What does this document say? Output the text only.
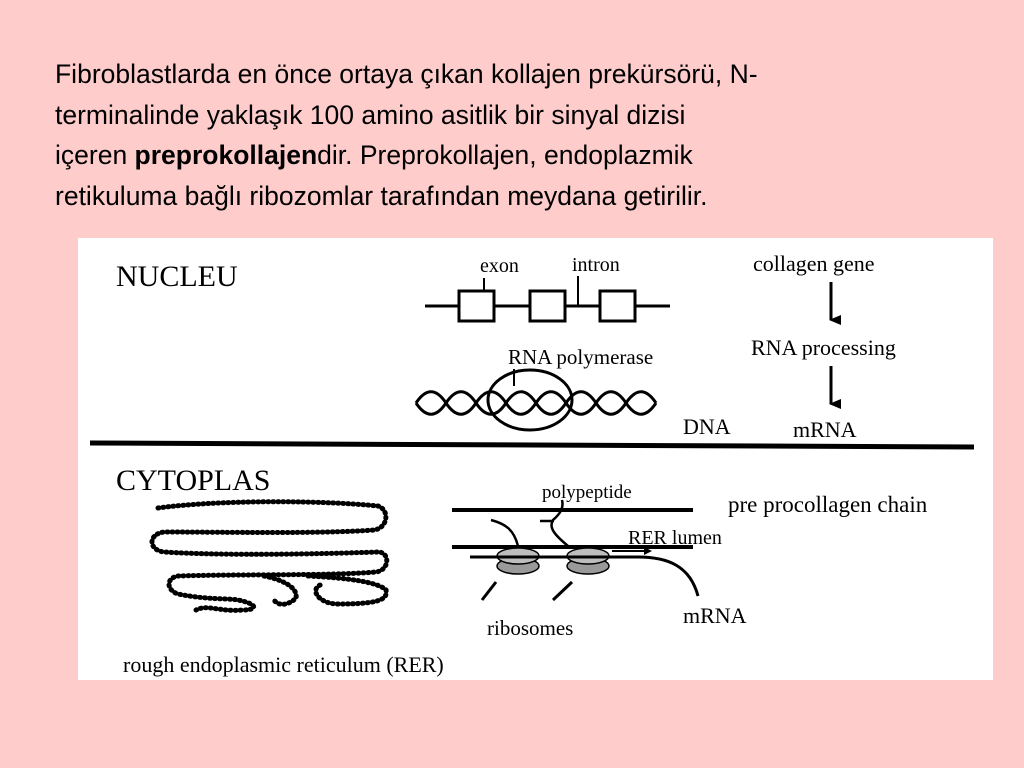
Fibroblastlarda en önce ortaya çıkan kollajen prekürsörü, N-
terminalinde yaklaşık 100 amino asitlik bir sinyal dizisi
içeren preprokollajendir. Preprokollajen, endoplazmik
retikuluma bağlı ribozomlar tarafından meydana getirilir.
NUCLEU	exon	intron	collagen gene
RNA processing
mRNA
RNA polymerase
DNA
CYTOPLAS	polypeptide	pre procollagen chain
RER lumen
ribosomes	mRNA
rough endoplasmic reticulum (RER)
